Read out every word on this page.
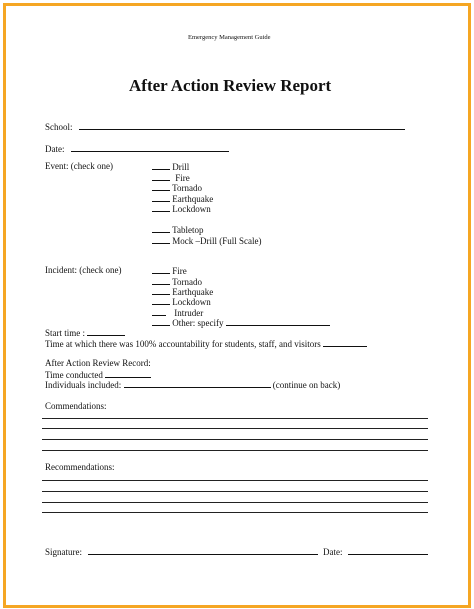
Emergency Management Guide
After Action Review Report
School:
Date:
Event: (check one)	Drill
Fire
Tornado
Earthquake
Lockdown
Tabletop
Mock –Drill (Full Scale)
Incident: (check one)	Fire
Tornado
Earthquake
Lockdown
Intruder
Other: specify
Start time :
Time at which there was 100% accountability for students, staff, and visitors
After Action Review Record:
Time conducted
Individuals included:	(continue on back)
Commendations:
Recommendations:
Signature:	Date:
